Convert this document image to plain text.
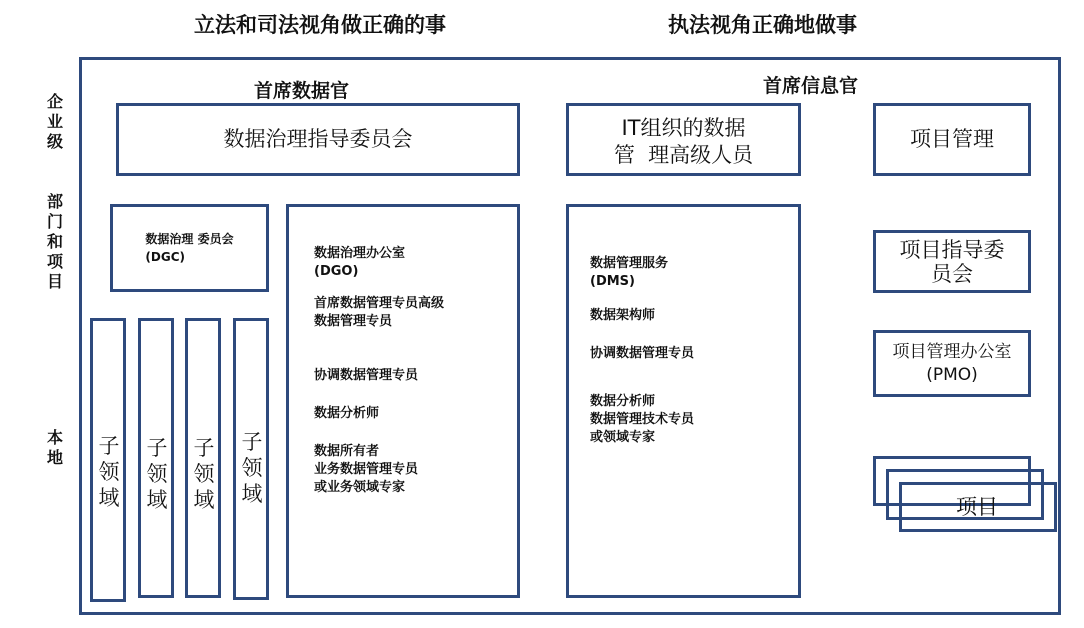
立法和司法视角做正确的事	执法视角正确地做事
企业级
部门和项目
本地
首席数据官	首席信息官
数据治理指导委员会
数据治理 委员会
(DGC)
子领域
子领域
子领域
子领域
数据治理办公室
(DGO)
首席数据管理专员高级
数据管理专员
协调数据管理专员
数据分析师
数据所有者
业务数据管理专员
或业务领域专家
IT组织的数据
管  理高级人员
数据管理服务
(DMS)
数据架构师
协调数据管理专员
数据分析师
数据管理技术专员
或领域专家
项目管理
项目指导委
员会
项目管理办公室
(PMO)
项目
